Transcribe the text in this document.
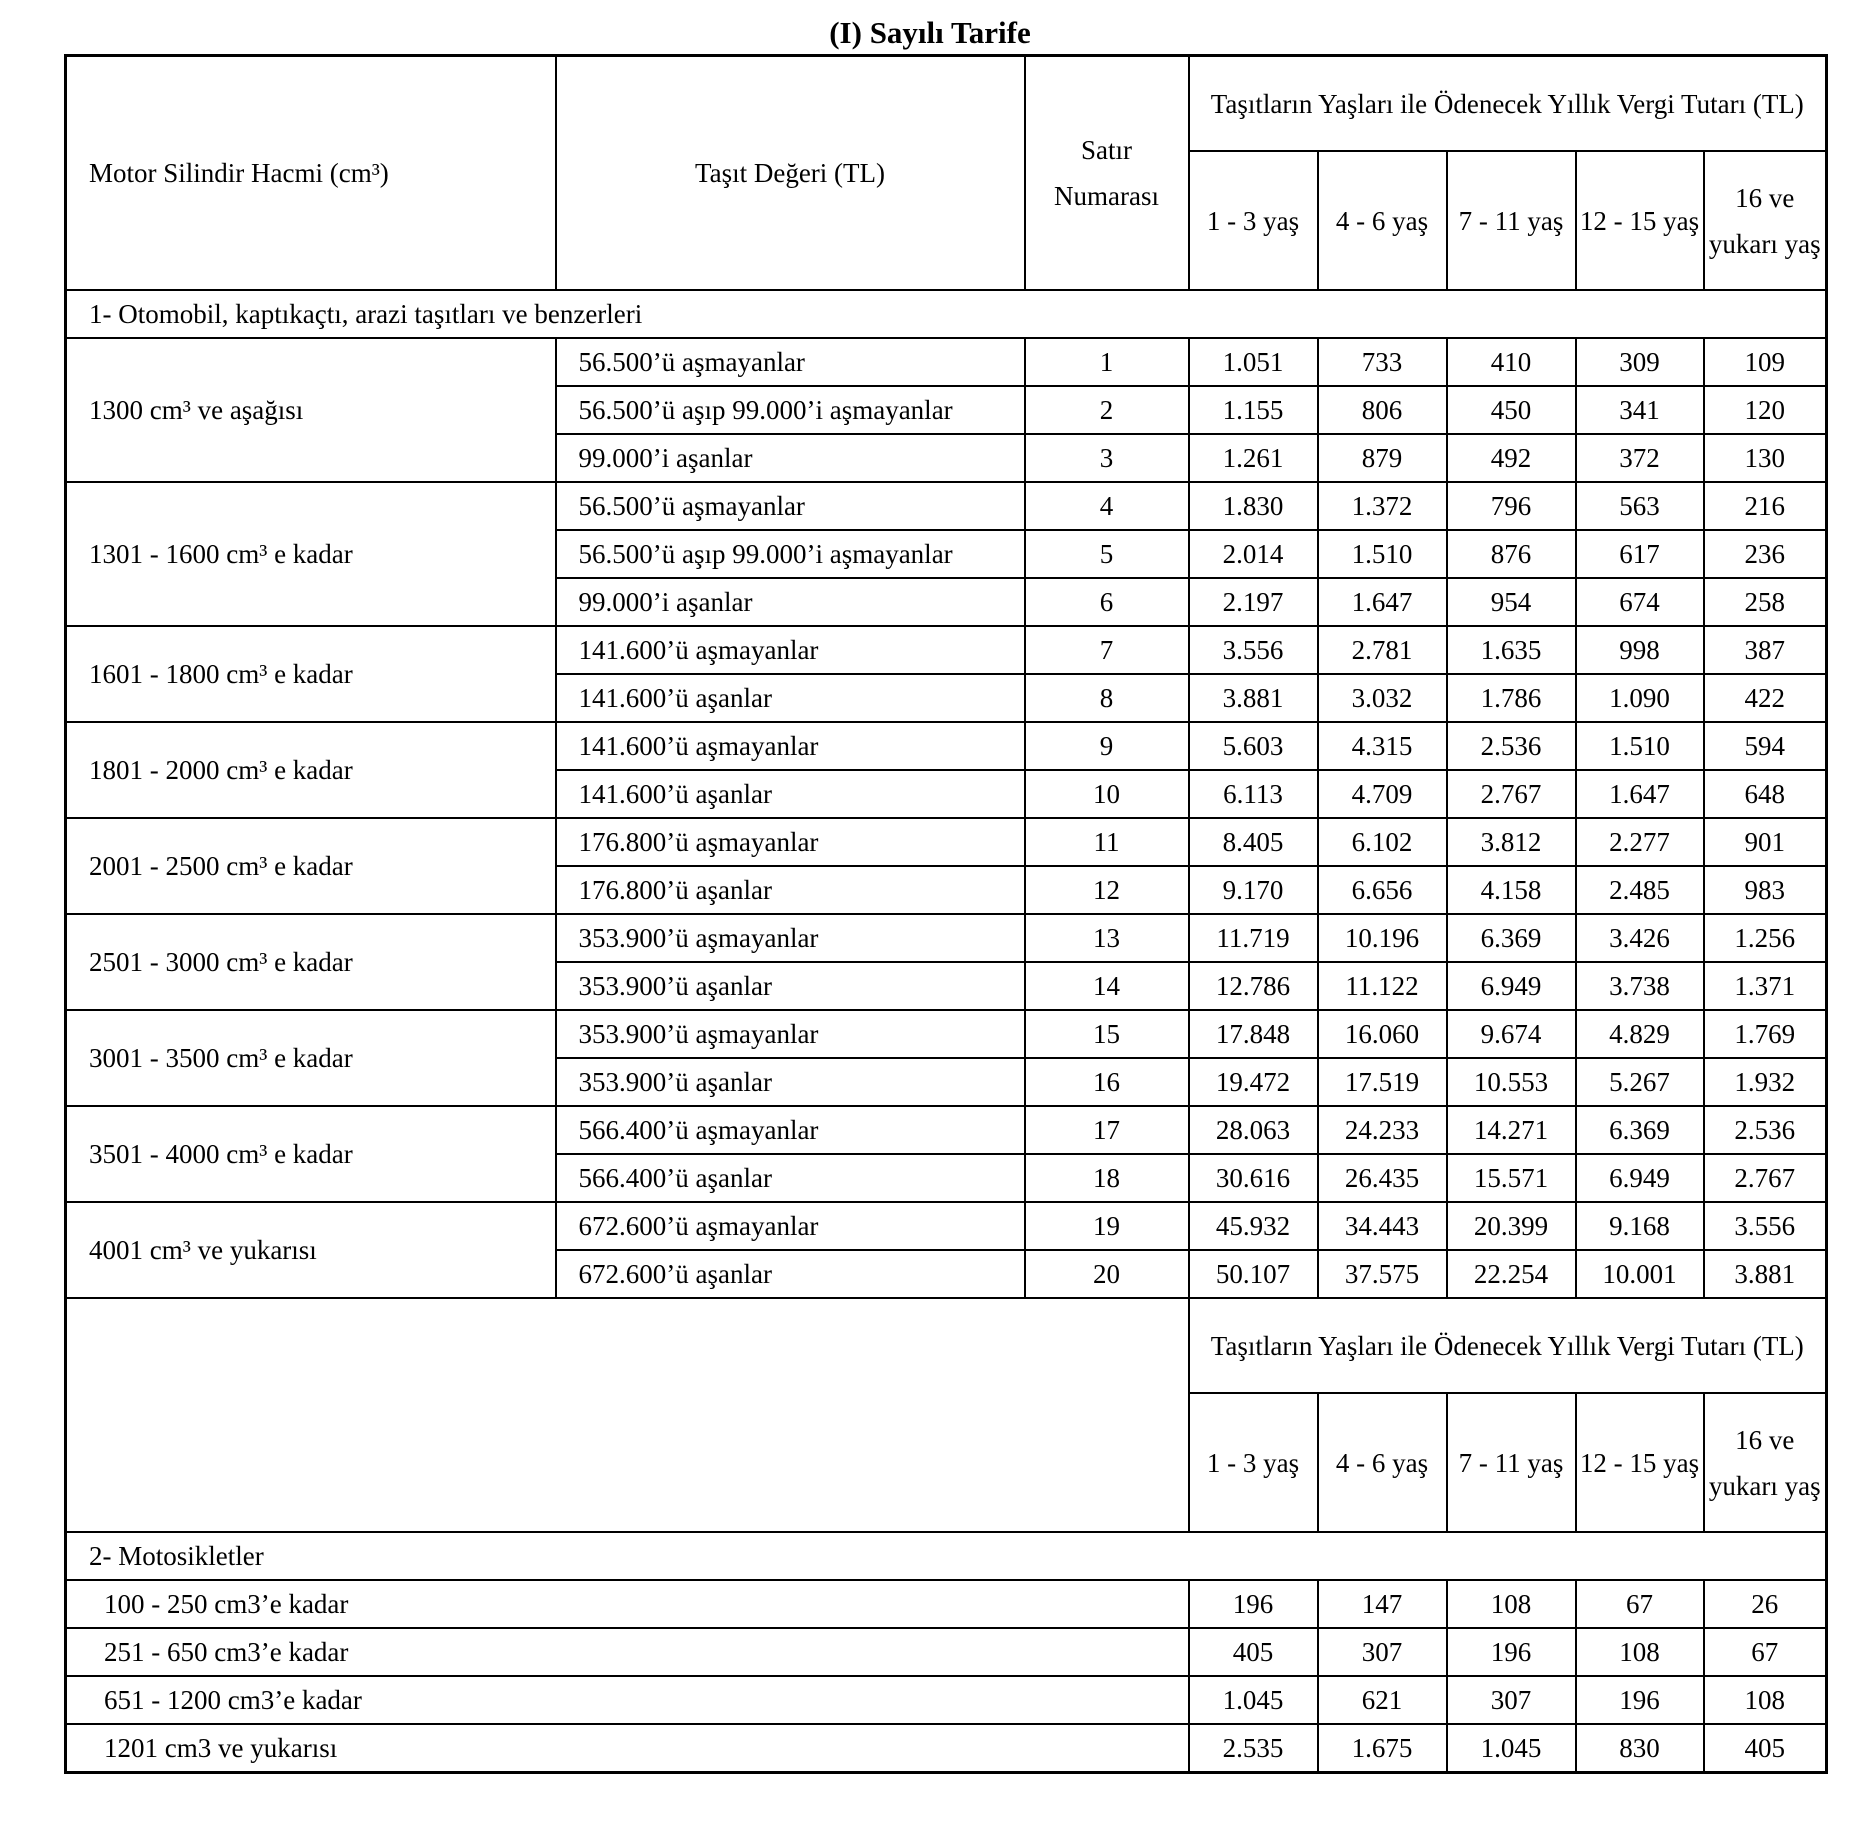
(I) Sayılı Tarife
Motor Silindir Hacmi (cm³)	Taşıt Değeri (TL)	Satır Numarası	Taşıtların Yaşları ile Ödenecek Yıllık Vergi Tutarı (TL)				
			1 - 3 yaş	4 - 6 yaş	7 - 11 yaş	12 - 15 yaş	16 ve yukarı yaş
1- Otomobil, kaptıkaçtı, arazi taşıtları ve benzerleri							
1300 cm³ ve aşağısı	56.500’ü aşmayanlar	1	1.051	733	410	309	109
	56.500’ü aşıp 99.000’i aşmayanlar	2	1.155	806	450	341	120
	99.000’i aşanlar	3	1.261	879	492	372	130
1301 - 1600 cm³ e kadar	56.500’ü aşmayanlar	4	1.830	1.372	796	563	216
	56.500’ü aşıp 99.000’i aşmayanlar	5	2.014	1.510	876	617	236
	99.000’i aşanlar	6	2.197	1.647	954	674	258
1601 - 1800 cm³ e kadar	141.600’ü aşmayanlar	7	3.556	2.781	1.635	998	387
	141.600’ü aşanlar	8	3.881	3.032	1.786	1.090	422
1801 - 2000 cm³ e kadar	141.600’ü aşmayanlar	9	5.603	4.315	2.536	1.510	594
	141.600’ü aşanlar	10	6.113	4.709	2.767	1.647	648
2001 - 2500 cm³ e kadar	176.800’ü aşmayanlar	11	8.405	6.102	3.812	2.277	901
	176.800’ü aşanlar	12	9.170	6.656	4.158	2.485	983
2501 - 3000 cm³ e kadar	353.900’ü aşmayanlar	13	11.719	10.196	6.369	3.426	1.256
	353.900’ü aşanlar	14	12.786	11.122	6.949	3.738	1.371
3001 - 3500 cm³ e kadar	353.900’ü aşmayanlar	15	17.848	16.060	9.674	4.829	1.769
	353.900’ü aşanlar	16	19.472	17.519	10.553	5.267	1.932
3501 - 4000 cm³ e kadar	566.400’ü aşmayanlar	17	28.063	24.233	14.271	6.369	2.536
	566.400’ü aşanlar	18	30.616	26.435	15.571	6.949	2.767
4001 cm³ ve yukarısı	672.600’ü aşmayanlar	19	45.932	34.443	20.399	9.168	3.556
	672.600’ü aşanlar	20	50.107	37.575	22.254	10.001	3.881
			Taşıtların Yaşları ile Ödenecek Yıllık Vergi Tutarı (TL)				
			1 - 3 yaş	4 - 6 yaş	7 - 11 yaş	12 - 15 yaş	16 ve yukarı yaş
2- Motosikletler							
100 - 250 cm3’e kadar			196	147	108	67	26
251 - 650 cm3’e kadar			405	307	196	108	67
651 - 1200 cm3’e kadar			1.045	621	307	196	108
1201 cm3 ve yukarısı			2.535	1.675	1.045	830	405
